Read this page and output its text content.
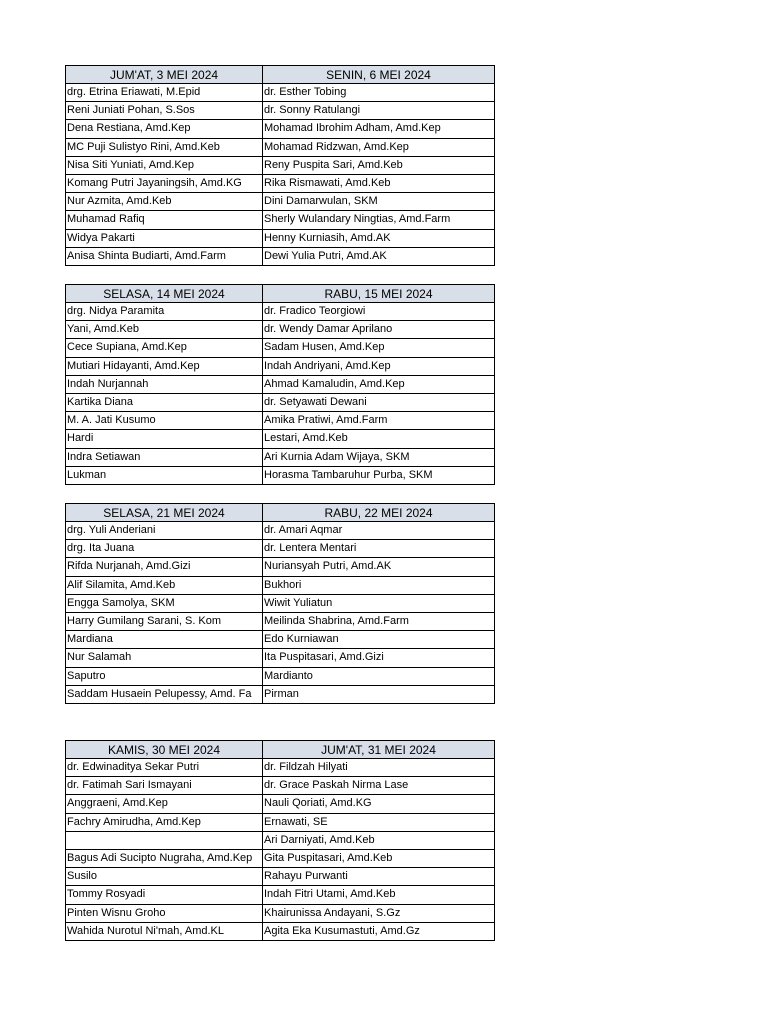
JUM'AT, 3 MEI 2024	SENIN, 6 MEI 2024
drg. Etrina Eriawati, M.Epid	dr. Esther Tobing
Reni Juniati Pohan, S.Sos	dr. Sonny Ratulangi
Dena Restiana, Amd.Kep	Mohamad Ibrohim Adham, Amd.Kep
MC Puji Sulistyo Rini, Amd.Keb	Mohamad Ridzwan, Amd.Kep
Nisa Siti Yuniati, Amd.Kep	Reny Puspita Sari, Amd.Keb
Komang Putri Jayaningsih, Amd.KG	Rika Rismawati, Amd.Keb
Nur Azmita, Amd.Keb	Dini Damarwulan, SKM
Muhamad Rafiq	Sherly Wulandary Ningtias, Amd.Farm
Widya Pakarti	Henny Kurniasih, Amd.AK
Anisa Shinta Budiarti, Amd.Farm	Dewi Yulia Putri, Amd.AK
SELASA, 14 MEI 2024	RABU, 15 MEI 2024
drg. Nidya Paramita	dr. Fradico Teorgiowi
Yani, Amd.Keb	dr. Wendy Damar Aprilano
Cece Supiana, Amd.Kep	Sadam Husen, Amd.Kep
Mutiari Hidayanti, Amd.Kep	Indah Andriyani, Amd.Kep
Indah Nurjannah	Ahmad Kamaludin, Amd.Kep
Kartika Diana	dr. Setyawati Dewani
M. A. Jati Kusumo	Amika Pratiwi, Amd.Farm
Hardi	Lestari, Amd.Keb
Indra Setiawan	Ari Kurnia Adam Wijaya, SKM
Lukman	Horasma Tambaruhur Purba, SKM
SELASA, 21 MEI 2024	RABU, 22 MEI 2024
drg. Yuli Anderiani	dr. Amari Aqmar
drg. Ita Juana	dr. Lentera Mentari
Rifda Nurjanah, Amd.Gizi	Nuriansyah Putri, Amd.AK
Alif Silamita, Amd.Keb	Bukhori
Engga Samolya, SKM	Wiwit Yuliatun
Harry Gumilang Sarani, S. Kom	Meilinda Shabrina, Amd.Farm
Mardiana	Edo Kurniawan
Nur Salamah	Ita Puspitasari, Amd.Gizi
Saputro	Mardianto
Saddam Husaein Pelupessy, Amd. Fa	Pirman
KAMIS, 30 MEI 2024	JUM'AT, 31 MEI 2024
dr. Edwinaditya Sekar Putri	dr. Fildzah Hilyati
dr. Fatimah Sari Ismayani	dr. Grace Paskah Nirma Lase
Anggraeni, Amd.Kep	Nauli Qoriati, Amd.KG
Fachry Amirudha, Amd.Kep	Ernawati, SE
	Ari Darniyati, Amd.Keb
Bagus Adi Sucipto Nugraha, Amd.Kep	Gita Puspitasari, Amd.Keb
Susilo	Rahayu Purwanti
Tommy Rosyadi	Indah Fitri Utami, Amd.Keb
Pinten Wisnu Groho	Khairunissa Andayani, S.Gz
Wahida Nurotul Ni'mah, Amd.KL	Agita Eka Kusumastuti, Amd.Gz
